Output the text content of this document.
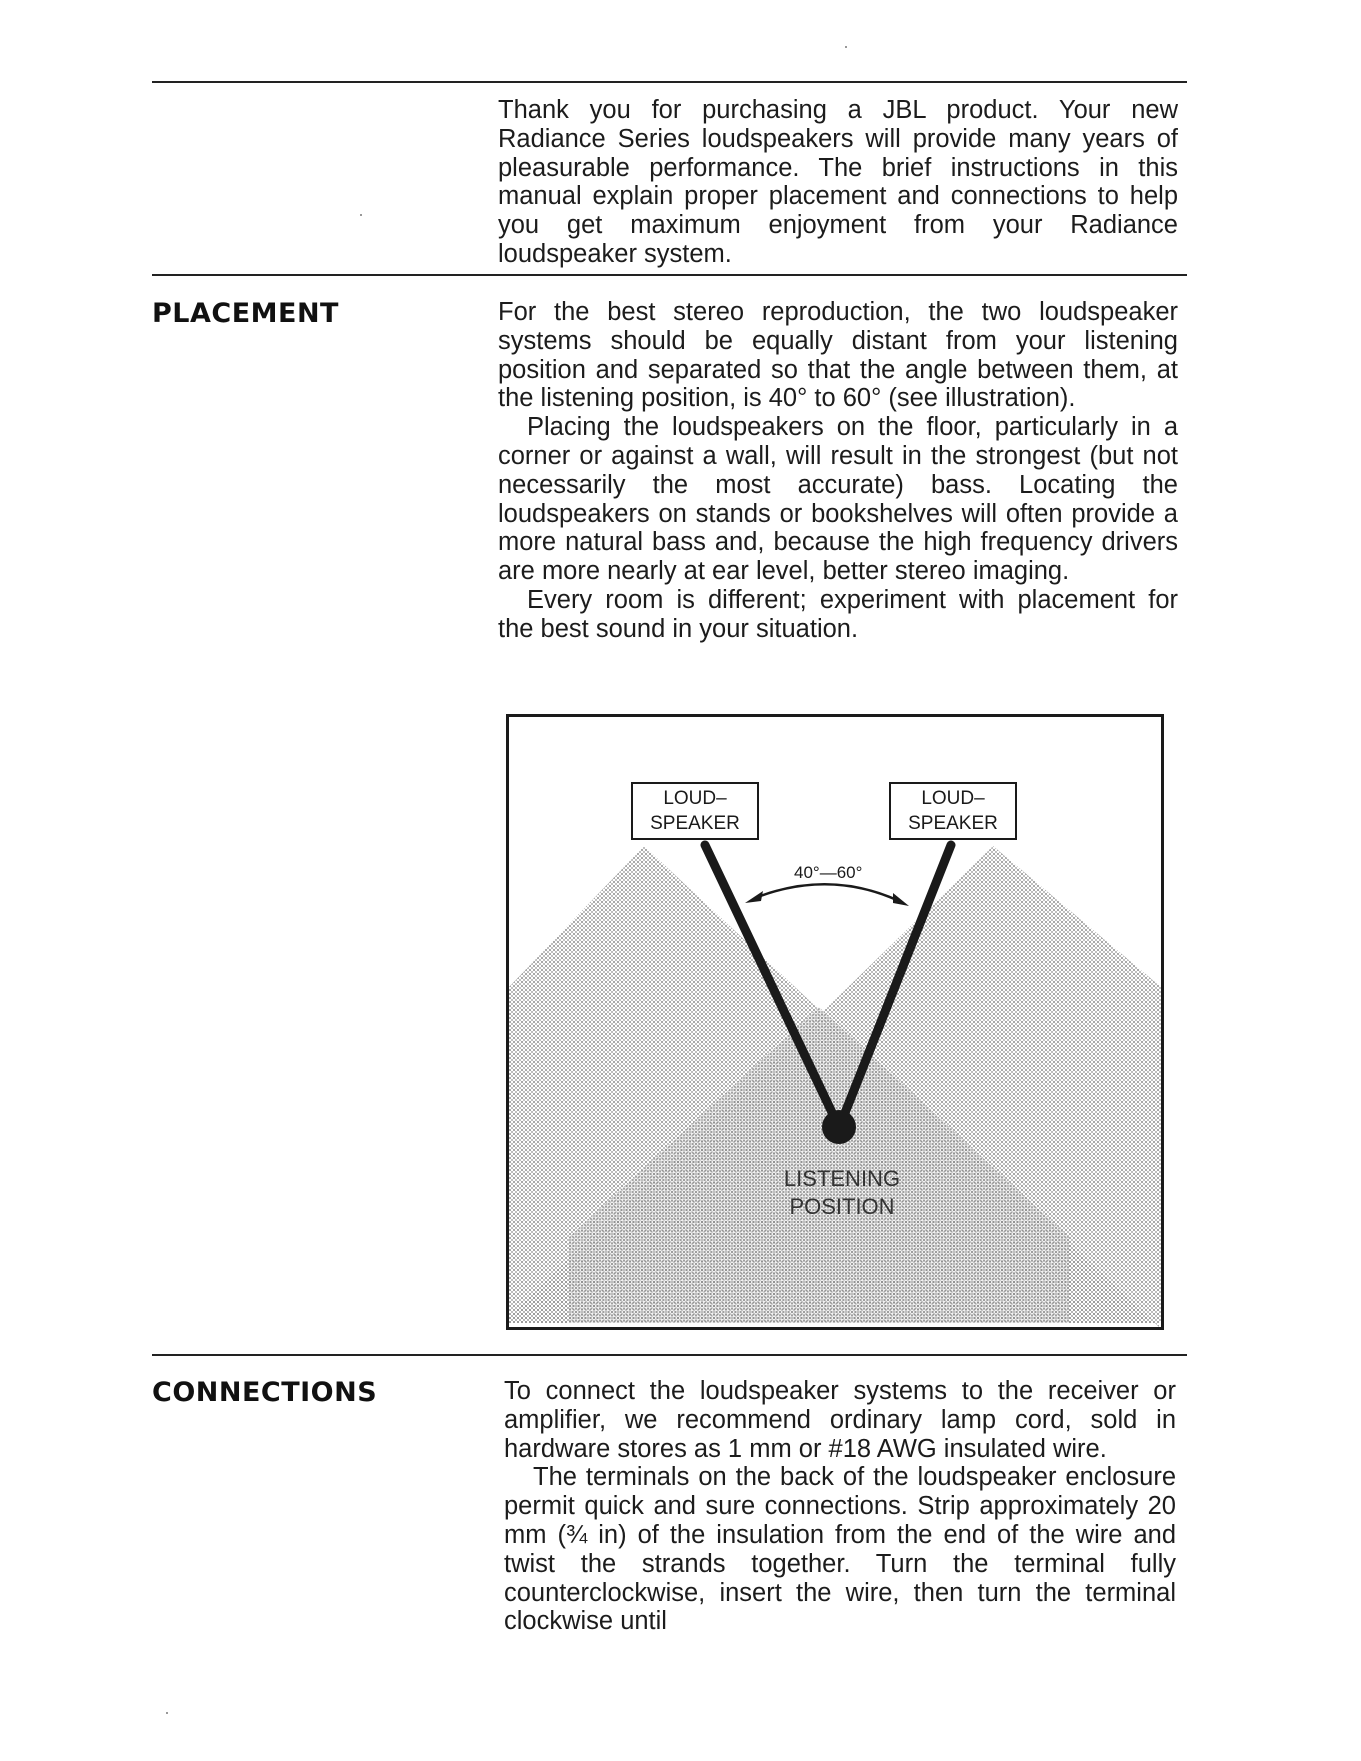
Thank you for purchasing a JBL product. Your new Radiance Series loudspeakers will provide many years of pleasurable performance. The brief instructions in this manual explain proper placement and connections to help you get maximum enjoyment from your Radiance loudspeaker system.

PLACEMENT	For the best stereo reproduction, the two loudspeaker systems should be equally distant from your listening position and separated so that the angle between them, at the listening position, is 40° to 60° (see illustration).

Placing the loudspeakers on the floor, particularly in a corner or against a wall, will result in the strongest (but not necessarily the most accurate) bass. Locating the loudspeakers on stands or bookshelves will often provide a more natural bass and, because the high frequency drivers are more nearly at ear level, better stereo imaging.

Every room is different; experiment with placement for the best sound in your situation.

LOUD–
SPEAKER
LOUD–
SPEAKER
40°—60°
LISTENING
POSITION
CONNECTIONS	To connect the loudspeaker systems to the receiver or amplifier, we recommend ordinary lamp cord, sold in hardware stores as 1 mm or #18 AWG insulated wire.

The terminals on the back of the loudspeaker enclosure permit quick and sure connections. Strip approximately 20 mm (¾ in) of the insulation from the end of the wire and twist the strands together. Turn the terminal fully counterclockwise, insert the wire, then turn the terminal clockwise until
